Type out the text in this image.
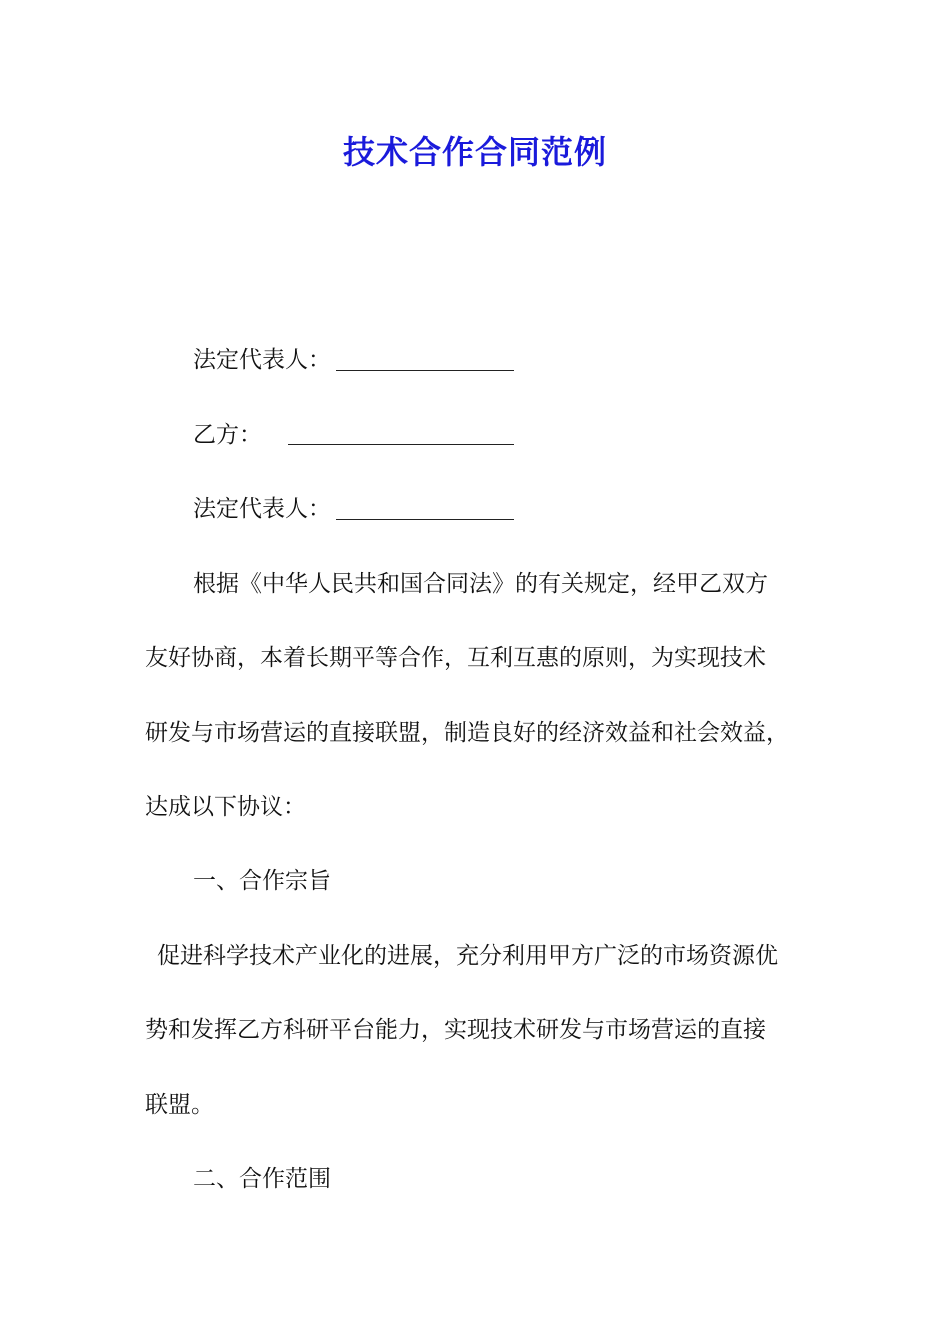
技术合作合同范例
法定代表人：
乙方：
法定代表人：
根据《中华人民共和国合同法》的有关规定，经甲乙双方
友好协商，本着长期平等合作，互利互惠的原则，为实现技术
研发与市场营运的直接联盟，制造良好的经济效益和社会效益，
达成以下协议：
一、合作宗旨
促进科学技术产业化的进展，充分利用甲方广泛的市场资源优
势和发挥乙方科研平台能力，实现技术研发与市场营运的直接
联盟。
二、合作范围
